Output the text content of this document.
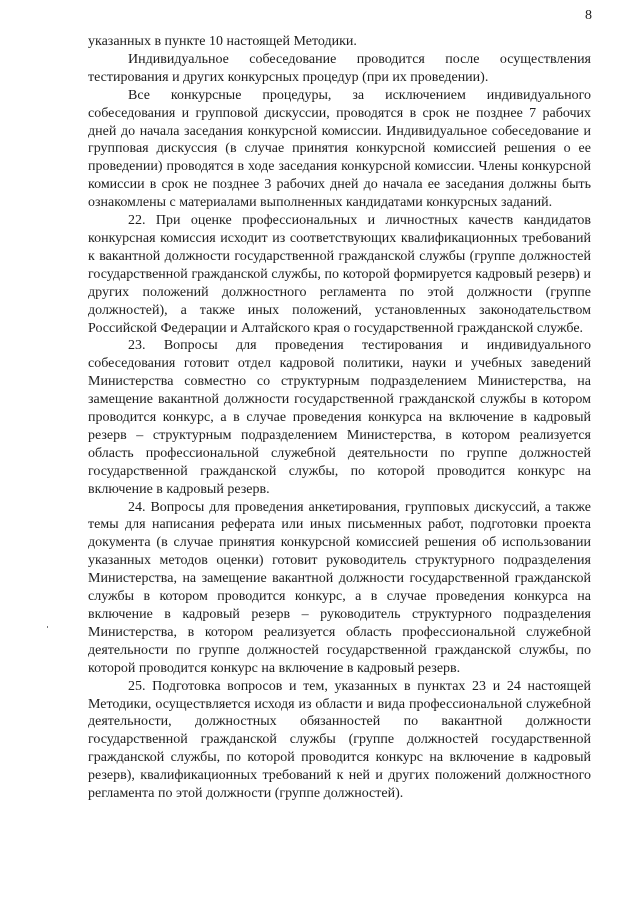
8

указанных в пункте 10 настоящей Методики.

Индивидуальное собеседование проводится после осуществления тестирования и других конкурсных процедур (при их проведении).

Все конкурсные процедуры, за исключением индивидуального собеседования и групповой дискуссии, проводятся в срок не позднее 7 рабочих дней до начала заседания конкурсной комиссии. Индивидуальное собеседование и групповая дискуссия (в случае принятия конкурсной комиссией решения о ее проведении) проводятся в ходе заседания конкурсной комиссии. Члены конкурсной комиссии в срок не позднее 3 рабочих дней до начала ее заседания должны быть ознакомлены с материалами выполненных кандидатами конкурсных заданий.

22. При оценке профессиональных и личностных качеств кандидатов конкурсная комиссия исходит из соответствующих квалификационных требований к вакантной должности государственной гражданской службы (группе должностей государственной гражданской службы, по которой формируется кадровый резерв) и других положений должностного регламента по этой должности (группе должностей), а также иных положений, установленных законодательством Российской Федерации и Алтайского края о государственной гражданской службе.

23. Вопросы для проведения тестирования и индивидуального собеседования готовит отдел кадровой политики, науки и учебных заведений Министерства совместно со структурным подразделением Министерства, на замещение вакантной должности государственной гражданской службы в котором проводится конкурс, а в случае проведения конкурса на включение в кадровый резерв – структурным подразделением Министерства, в котором реализуется область профессиональной служебной деятельности по группе должностей государственной гражданской службы, по которой проводится конкурс на включение в кадровый резерв.

24. Вопросы для проведения анкетирования, групповых дискуссий, а также темы для написания реферата или иных письменных работ, подготовки проекта документа (в случае принятия конкурсной комиссией решения об использовании указанных методов оценки) готовит руководитель структурного подразделения Министерства, на замещение вакантной должности государственной гражданской службы в котором проводится конкурс, а в случае проведения конкурса на включение в кадровый резерв – руководитель структурного подразделения Министерства, в котором реализуется область профессиональной служебной деятельности по группе должностей государственной гражданской службы, по которой проводится конкурс на включение в кадровый резерв.

25. Подготовка вопросов и тем, указанных в пунктах 23 и 24 настоящей Методики, осуществляется исходя из области и вида профессиональной служебной деятельности, должностных обязанностей по вакантной должности государственной гражданской службы (группе должностей государственной гражданской службы, по которой проводится конкурс на включение в кадровый резерв), квалификационных требований к ней и других положений должностного регламента по этой должности (группе должностей).
